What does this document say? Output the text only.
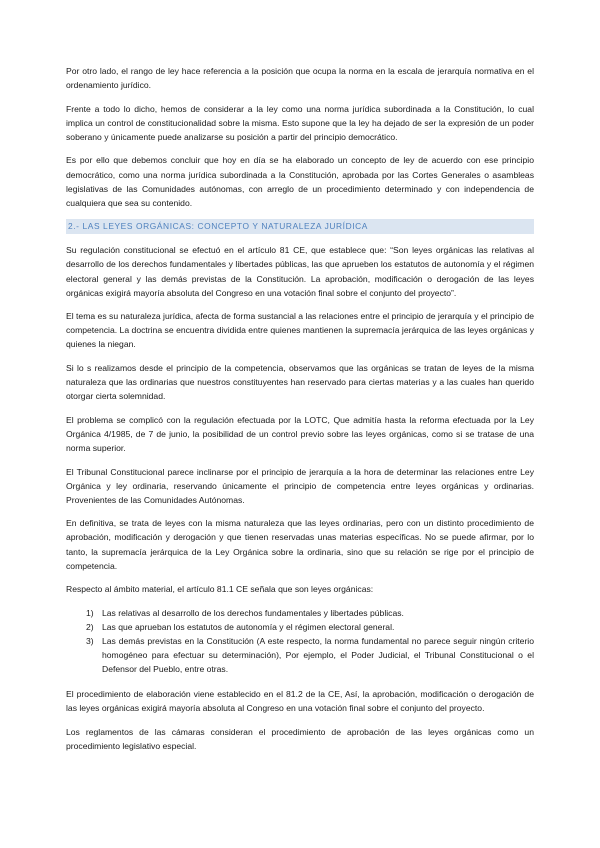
Por otro lado, el rango de ley hace referencia a la posición que ocupa la norma en la escala de jerarquía normativa en el ordenamiento jurídico.

Frente a todo lo dicho, hemos de considerar a la ley como una norma jurídica subordinada a la Constitución, lo cual implica un control de constitucionalidad sobre la misma. Esto supone que la ley ha dejado de ser la expresión de un poder soberano y únicamente puede analizarse su posición a partir del principio democrático.

Es por ello que debemos concluir que hoy en día se ha elaborado un concepto de ley de acuerdo con ese principio democrático, como una norma jurídica subordinada a la Constitución, aprobada por las Cortes Generales o asambleas legislativas de las Comunidades autónomas, con arreglo de un procedimiento determinado y con independencia de cualquiera que sea su contenido.

2.- LAS LEYES ORGÁNICAS: CONCEPTO Y NATURALEZA JURÍDICA

Su regulación constitucional se efectuó en el artículo 81 CE, que establece que: “Son leyes orgánicas las relativas al desarrollo de los derechos fundamentales y libertades públicas, las que aprueben los estatutos de autonomía y el régimen electoral general y las demás previstas de la Constitución. La aprobación, modificación o derogación de las leyes orgánicas exigirá mayoría absoluta del Congreso en una votación final sobre el conjunto del proyecto”.

El tema es su naturaleza jurídica, afecta de forma sustancial a las relaciones entre el principio de jerarquía y el principio de competencia. La doctrina se encuentra dividida entre quienes mantienen la supremacía jerárquica de las leyes orgánicas y quienes la niegan.

Si lo s realizamos desde el principio de la competencia, observamos que las orgánicas se tratan de leyes de la misma naturaleza que las ordinarias que nuestros constituyentes han reservado para ciertas materias y a las cuales han querido otorgar cierta solemnidad.

El problema se complicó con la regulación efectuada por la LOTC, Que admitía hasta la reforma efectuada por la Ley Orgánica 4/1985, de 7 de junio, la posibilidad de un control previo sobre las leyes orgánicas, como si se tratase de una norma superior.

El Tribunal Constitucional parece inclinarse por el principio de jerarquía a la hora de determinar las relaciones entre Ley Orgánica y ley ordinaria, reservando únicamente el principio de competencia entre leyes orgánicas y ordinarias. Provenientes de las Comunidades Autónomas.

En definitiva, se trata de leyes con la misma naturaleza que las leyes ordinarias, pero con un distinto procedimiento de aprobación, modificación y derogación y que tienen reservadas unas materias específicas. No se puede afirmar, por lo tanto, la supremacía jerárquica de la Ley Orgánica sobre la ordinaria, sino que su relación se rige por el principio de competencia.

Respecto al ámbito material, el artículo 81.1 CE señala que son leyes orgánicas:

1) Las relativas al desarrollo de los derechos fundamentales y libertades públicas.
2) Las que aprueban los estatutos de autonomía y el régimen electoral general.
3) Las demás previstas en la Constitución (A este respecto, la norma fundamental no parece seguir ningún criterio homogéneo para efectuar su determinación), Por ejemplo, el Poder Judicial, el Tribunal Constitucional o el Defensor del Pueblo, entre otras.

El procedimiento de elaboración viene establecido en el 81.2 de la CE, Así, la aprobación, modificación o derogación de las leyes orgánicas exigirá mayoría absoluta al Congreso en una votación final sobre el conjunto del proyecto.

Los reglamentos de las cámaras consideran el procedimiento de aprobación de las leyes orgánicas como un procedimiento legislativo especial.
